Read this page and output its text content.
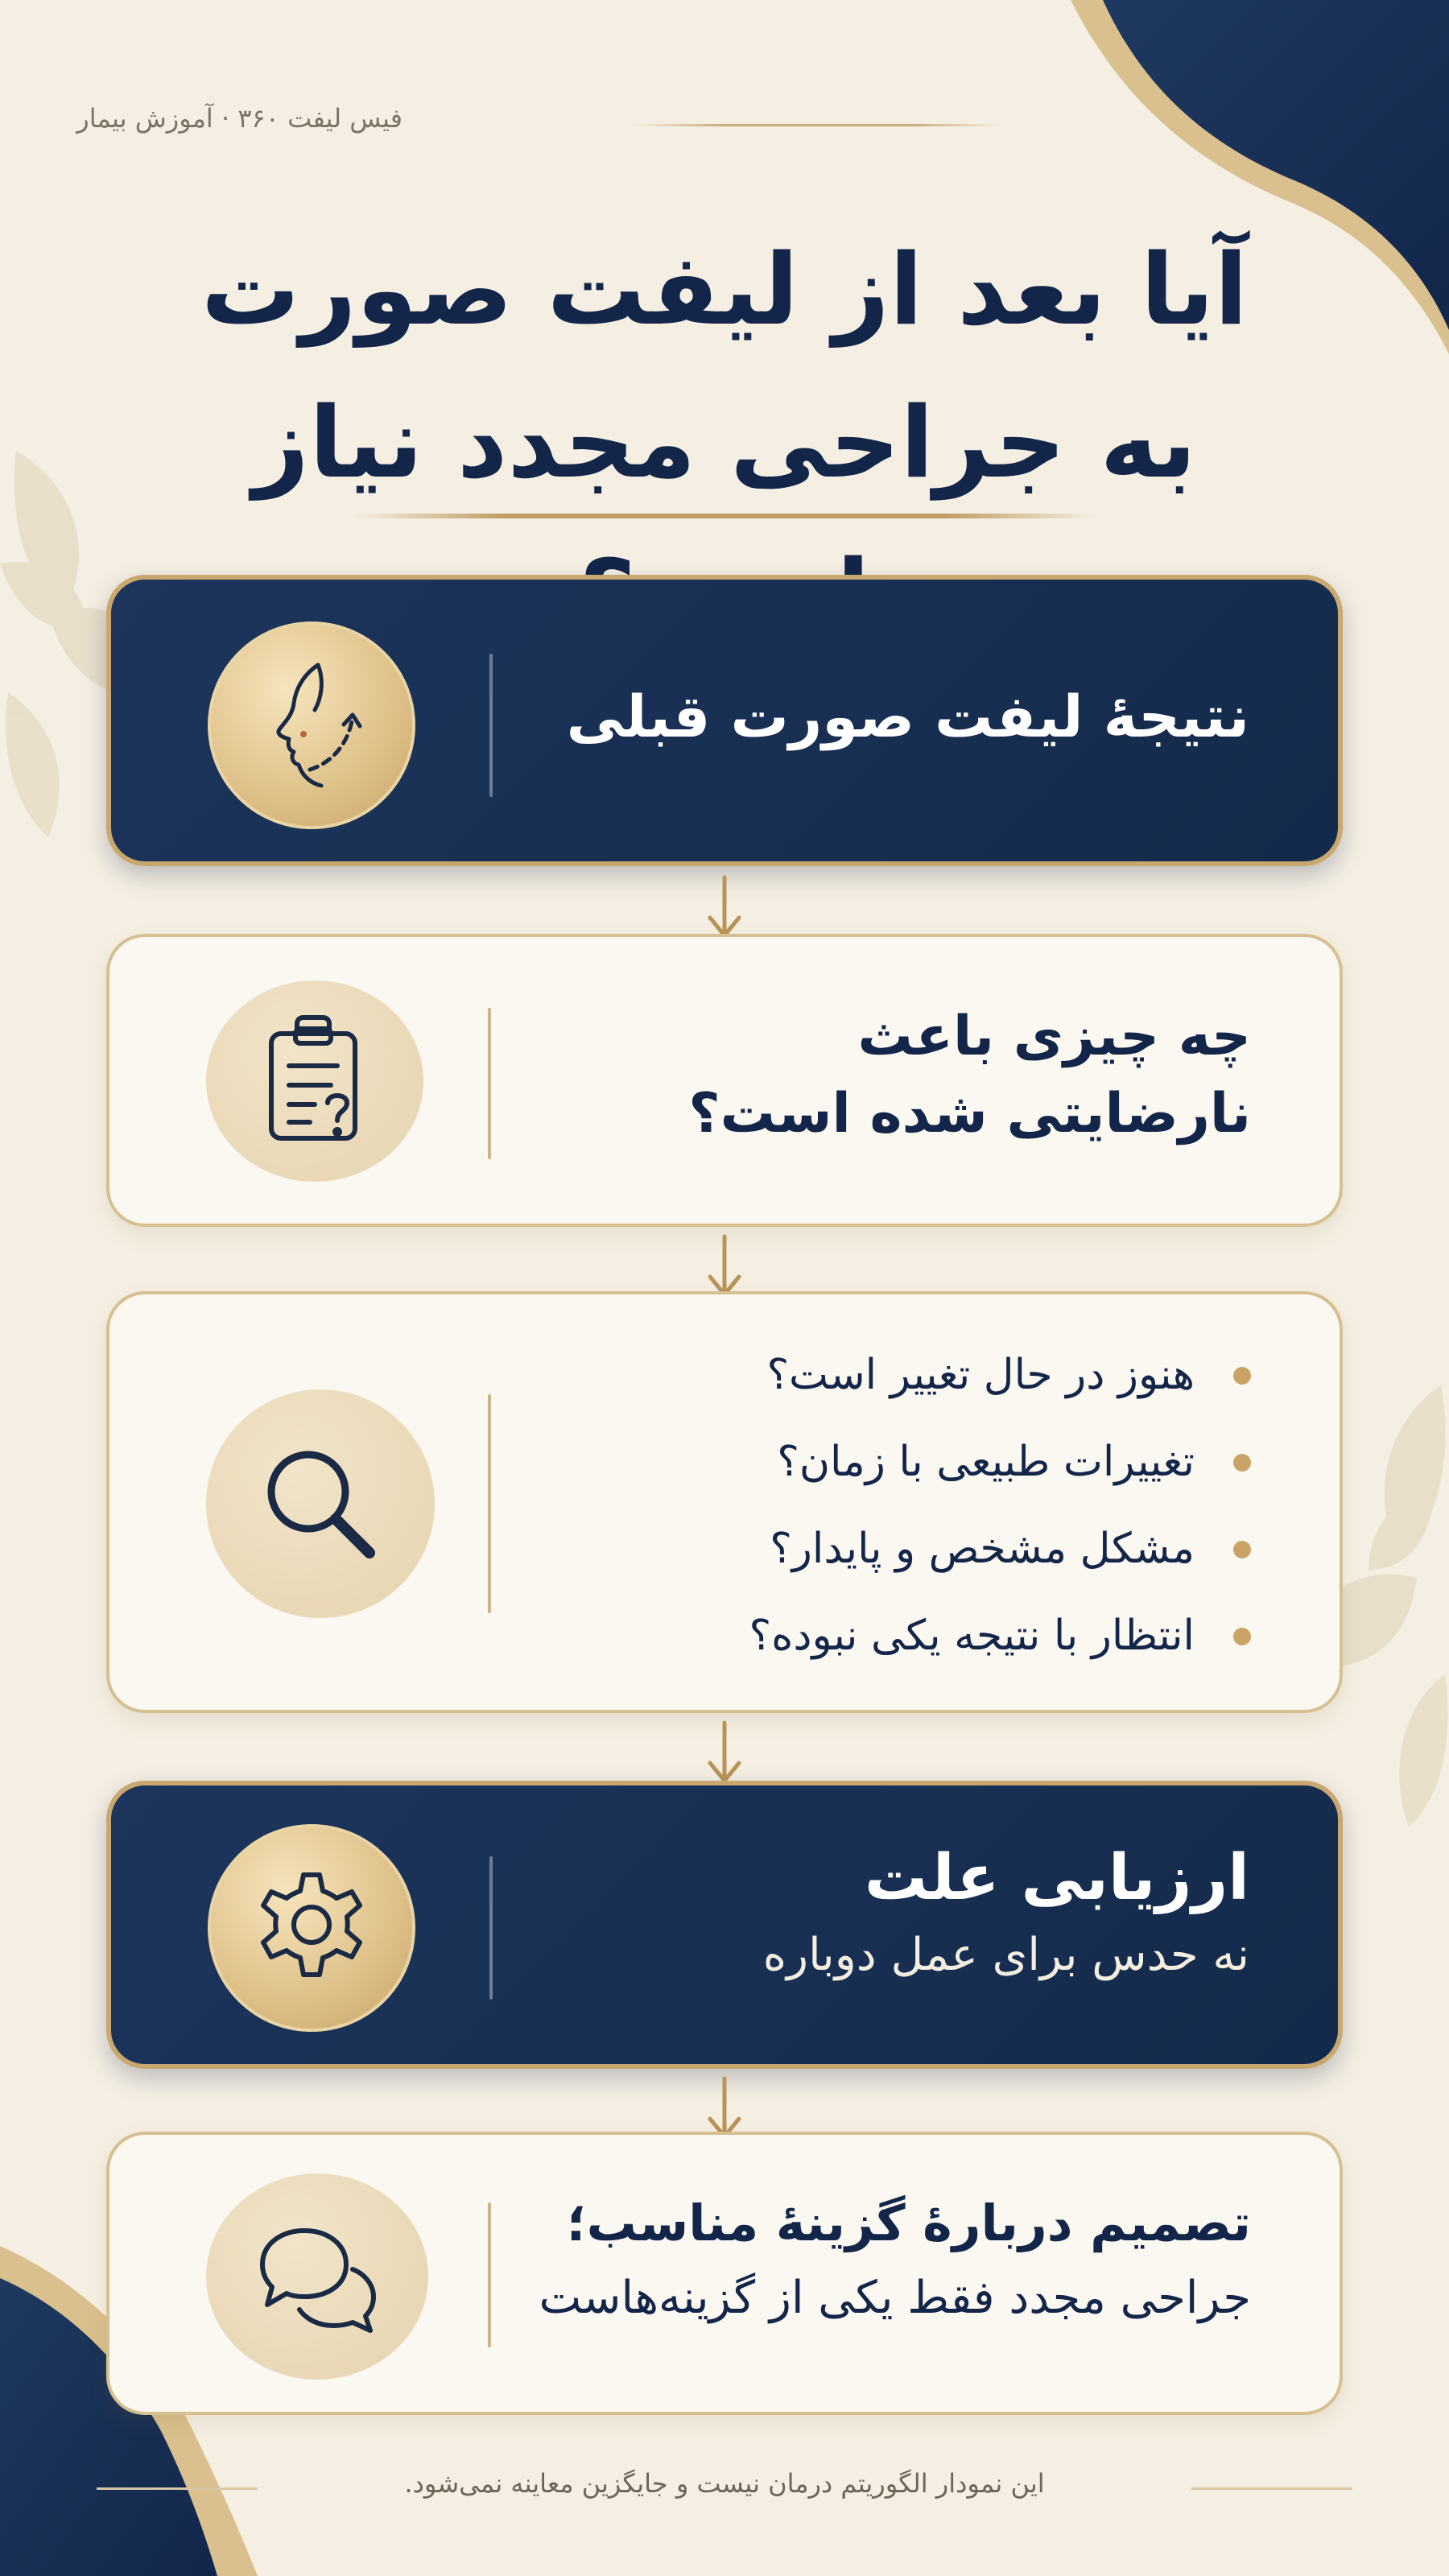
فیس لیفت ۳۶۰ · آموزش بیمار
آیا بعد از لیفت صورت
به جراحی مجدد نیاز
نتیجهٔ لیفت صورت قبلی
چه چیزی باعث
نارضایتی شده است؟
هنوز در حال تغییر است؟
تغییرات طبیعی با زمان؟
مشکل مشخص و پایدار؟
انتظار با نتیجه یکی نبوده؟
ارزیابی علت
نه حدس برای عمل دوباره
تصمیم دربارهٔ گزینهٔ مناسب؛
جراحی مجدد فقط یکی از گزینه‌هاست
این نمودار الگوریتم درمان نیست و جایگزین معاینه نمی‌شود.
